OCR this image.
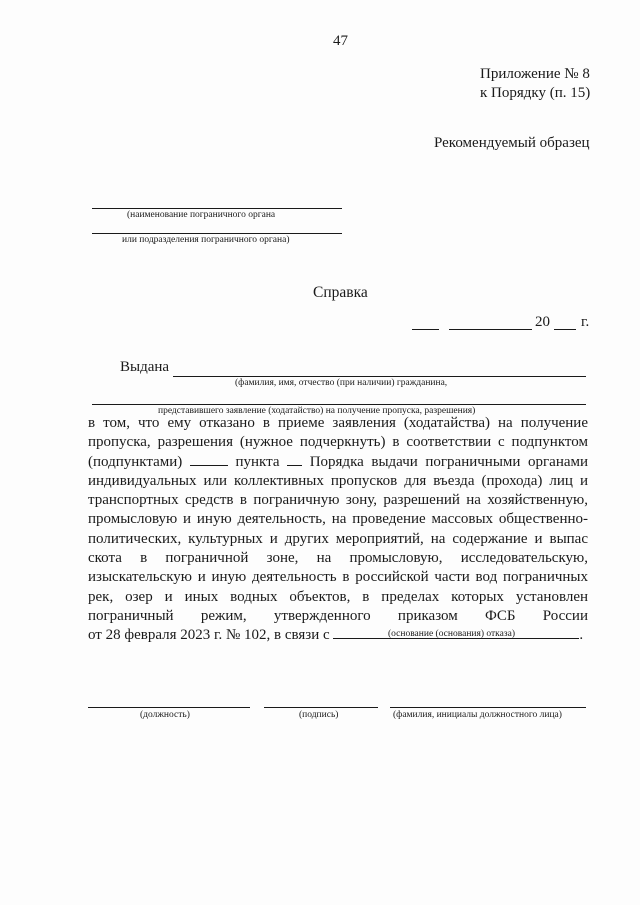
47
Приложение № 8
к Порядку (п. 15)
Рекомендуемый образец
(наименование пограничного органа
или подразделения пограничного органа)
Справка
20 г.
Выдана
(фамилия, имя, отчество (при наличии) гражданина,
представившего заявление (ходатайство) на получение пропуска, разрешения)
в том, что ему отказано в приеме заявления (ходатайства) на получение
пропуска, разрешения (нужное подчеркнуть) в соответствии с подпунктом
(подпунктами)	пункта Порядка выдачи пограничными органами
индивидуальных или коллективных пропусков для въезда (прохода) лиц и
транспортных средств в пограничную зону, разрешений на хозяйственную,
промысловую и иную деятельность, на проведение массовых общественно-
политических, культурных и других мероприятий, на содержание и выпас
скота в пограничной зоне, на промысловую, исследовательскую,
изыскательскую и иную деятельность в российской части вод пограничных
рек, озер и иных водных объектов, в пределах которых установлен
пограничный режим, утвержденного приказом ФСБ России
от 28 февраля 2023 г. № 102, в связи с	.
(основание (основания) отказа)
(должность)	(подпись)	(фамилия, инициалы должностного лица)
